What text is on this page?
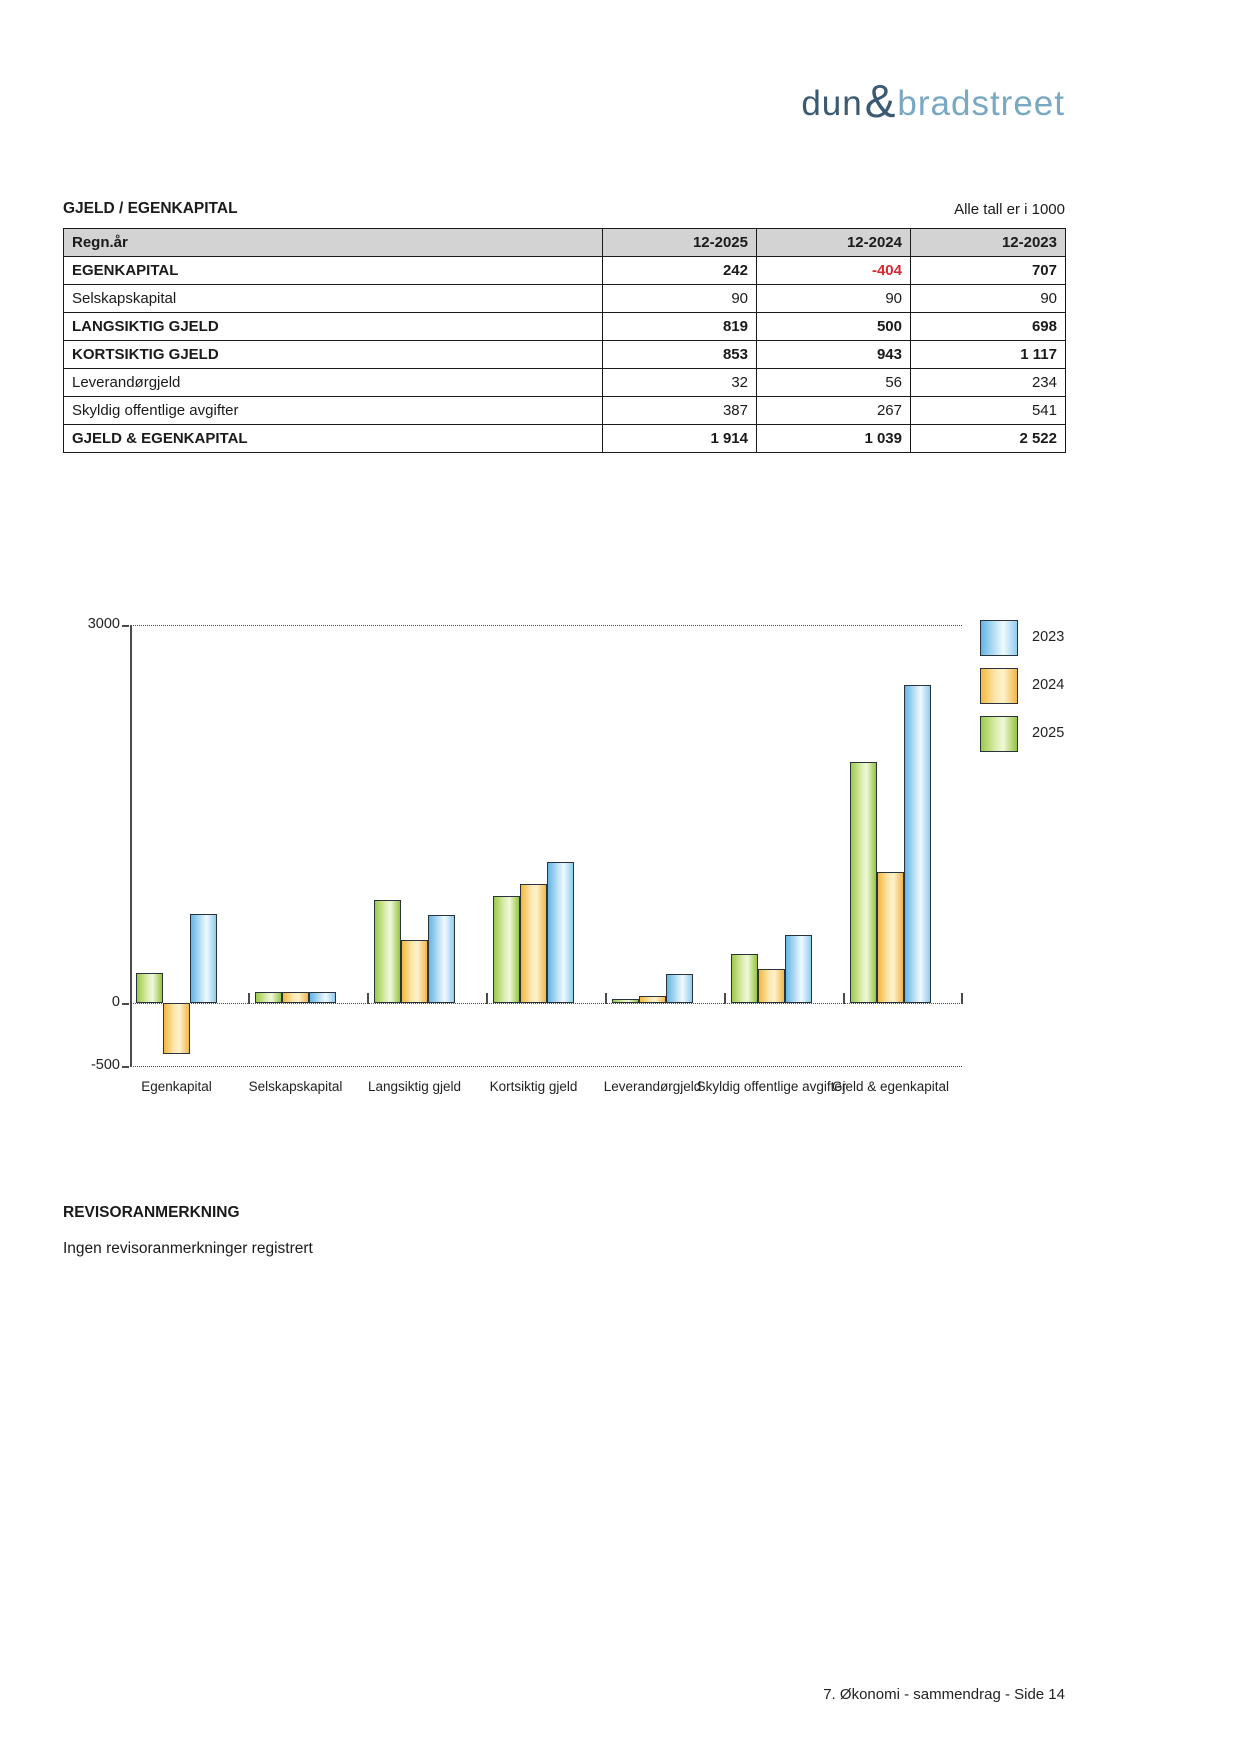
dun & bradstreet
GJELD / EGENKAPITAL	Alle tall er i 1000
Regn.år	12-2025	12-2024	12-2023
EGENKAPITAL	242	-404	707
Selskapskapital	90	90	90
LANGSIKTIG GJELD	819	500	698
KORTSIKTIG GJELD	853	943	1 117
Leverandørgjeld	32	56	234
Skyldig offentlige avgifter	387	267	541
GJELD & EGENKAPITAL	1 914	1 039	2 522
3000
0
-500
Egenkapital	Selskapskapital	Langsiktig gjeld	Kortsiktig gjeld	Leverandørgjeld
Skyldig offentlige avgifter
Gjeld & egenkapital
2023
2024
2025
REVISORANMERKNING
Ingen revisoranmerkninger registrert
7. Økonomi - sammendrag - Side 14
